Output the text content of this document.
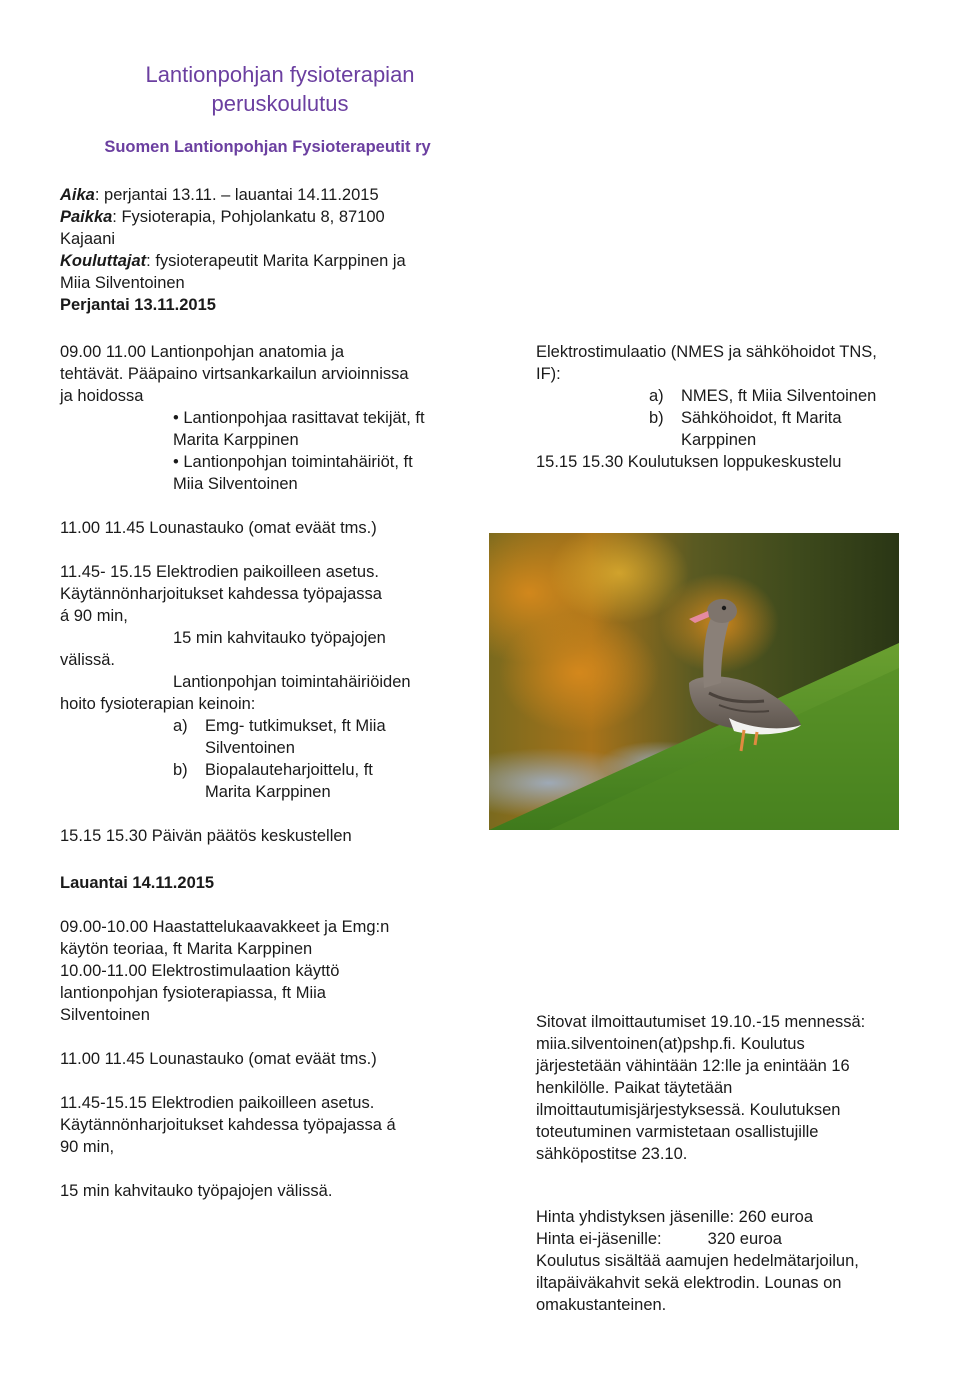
Lantionpohjan fysioterapian
peruskoulutus
Suomen Lantionpohjan Fysioterapeutit ry
Aika: perjantai 13.11. – lauantai 14.11.2015
Paikka: Fysioterapia, Pohjolankatu 8, 87100
Kajaani
Kouluttajat: fysioterapeutit Marita Karppinen ja
Miia Silventoinen
Perjantai 13.11.2015
09.00 11.00 Lantionpohjan anatomia ja
tehtävät. Pääpaino virtsankarkailun arvioinnissa
ja hoidossa
• Lantionpohjaa rasittavat tekijät, ft
Marita Karppinen
• Lantionpohjan toimintahäiriöt, ft
Miia Silventoinen
11.00 11.45 Lounastauko (omat eväät tms.)
11.45- 15.15 Elektrodien paikoilleen asetus.
Käytännönharjoitukset kahdessa työpajassa
á 90 min,
15 min kahvitauko työpajojen
välissä.
Lantionpohjan toimintahäiriöiden
hoito fysioterapian keinoin:
a)	Emg- tutkimukset, ft Miia
Silventoinen
b)	Biopalauteharjoittelu, ft
Marita Karppinen
15.15 15.30 Päivän päätös keskustellen
Elektrostimulaatio (NMES ja sähköhoidot TNS,
IF):
a)	NMES, ft Miia Silventoinen
b)	Sähköhoidot, ft Marita
Karppinen
15.15 15.30 Koulutuksen loppukeskustelu
Lauantai 14.11.2015
09.00-10.00 Haastattelukaavakkeet ja Emg:n
käytön teoriaa, ft Marita Karppinen
10.00-11.00 Elektrostimulaation käyttö
lantionpohjan fysioterapiassa, ft Miia
Silventoinen
11.00 11.45 Lounastauko (omat eväät tms.)
11.45-15.15 Elektrodien paikoilleen asetus.
Käytännönharjoitukset kahdessa työpajassa á
90 min,
15 min kahvitauko työpajojen välissä.
Sitovat ilmoittautumiset 19.10.-15 mennessä:
miia.silventoinen(at)pshp.fi. Koulutus
järjestetään vähintään 12:lle ja enintään 16
henkilölle. Paikat täytetään
ilmoittautumisjärjestyksessä. Koulutuksen
toteutuminen varmistetaan osallistujille
sähköpostitse 23.10.
Hinta yhdistyksen jäsenille: 260 euroa
Hinta ei-jäsenille:	320 euroa
Koulutus sisältää aamujen hedelmätarjoilun,
iltapäiväkahvit sekä elektrodin. Lounas on
omakustanteinen.
